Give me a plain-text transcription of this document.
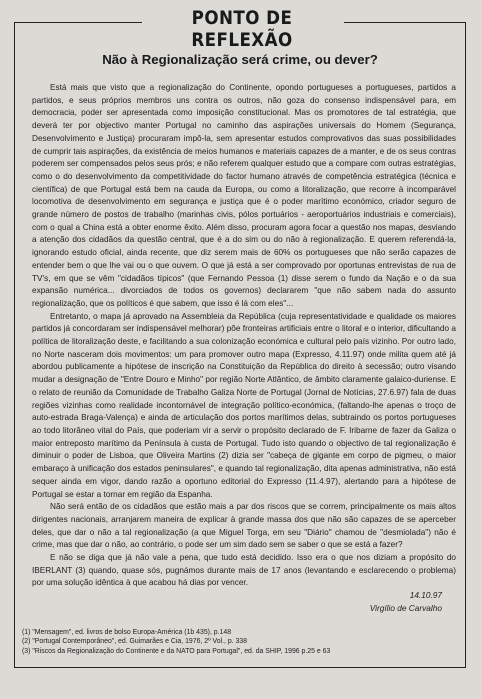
PONTO DE REFLEXÃO
Não à Regionalização será crime, ou dever?

Está mais que visto que a regionalização do Continente, opondo portugueses a portugueses, partidos a partidos, e seus próprios membros uns contra os outros, não goza do consenso indispensável para, em democracia, poder ser apresentada como imposição constitucional. Mas os promotores de tal estratégia, que deverá ter por objectivo manter Portugal no caminho das aspirações universais do Homem (Segurança, Desenvolvimento e Justiça) procuraram impô-la, sem apresentar estudos comprovativos das suas possibilidades de cumprir tais aspirações, da existência de meios humanos e materiais capazes de a manter, e de os seus contras poderem ser compensados pelos seus prós; e não referem qualquer estudo que a compare com outras estratégias, como o do desenvolvimento da competitividade do factor humano através de competência estratégica (técnica e científica) de que Portugal está bem na cauda da Europa, ou como a litoralização, que recorre à incomparável locomotiva de desenvolvimento em segurança e justiça que é o poder marítimo económico, criador seguro de grande número de postos de trabalho (marinhas civis, pólos portuários - aeroportuários industriais e comerciais), com o qual a China está a obter enorme êxito. Além disso, procuram agora focar a questão nos mapas, desviando a atenção dos cidadãos da questão central, que é a do sim ou do não à regionalização. E querem referendá-la, ignorando estudo oficial, ainda recente, que diz serem mais de 60% os portugueses que não serão capazes de entender bem o que lhe vai ou o que ouvem. O que já está a ser comprovado por oportunas entrevistas de rua de TV's, em que se vêm "cidadãos típicos" (que Fernando Pessoa (1) disse serem o fundo da Nação e o da sua expansão numérica... divorciados de todos os governos) declararem "que não sabem nada do assunto regionalização, que os políticos é que sabem, que isso é lá com eles"...

Entretanto, o mapa já aprovado na Assembleia da República (cuja representatividade e qualidade os maiores partidos já concordaram ser indispensável melhorar) põe fronteiras artificiais entre o litoral e o interior, dificultando a política de litoralização deste, e facilitando a sua colonização económica e cultural pelo país vizinho. Por outro lado, no Norte nasceram dois movimentos: um para promover outro mapa (Expresso, 4.11.97) onde milita quem até já abordou publicamente a hipótese de inscrição na Constituição da República do direito à secessão; outro visando mudar a designação de "Entre Douro e Minho" por região Norte Atlântico, de âmbito claramente galaico-duriense. E o relato de reunião da Comunidade de Trabalho Galiza Norte de Portugal (Jornal de Notícias, 27.6.97) fala de duas regiões vizinhas como realidade incontornável de integração político-económica, (faltando-lhe apenas o troço de auto-estrada Braga-Valença) e ainda de articulação dos portos marítimos delas, subtraindo os portos portugueses ao todo litorâneo vital do País, que poderiam vir a servir o propósito declarado de F. Iribarne de fazer da Galiza o maior entreposto marítimo da Península à custa de Portugal. Tudo isto quando o objectivo de tal regionalização é diminuir o poder de Lisboa, que Oliveira Martins (2) dizia ser "cabeça de gigante em corpo de pigmeu, o maior embaraço à unificação dos estados peninsulares", e quando tal regionalização, dita apenas administrativa, não está sequer ainda em vigor, dando razão a oportuno editorial do Expresso (11.4.97), alertando para a hipótese de Portugal se estar a tornar em região da Espanha.

Não será então de os cidadãos que estão mais a par dos riscos que se correm, principalmente os mais altos dirigentes nacionais, arranjarem maneira de explicar à grande massa dos que não são capazes de se aperceber deles, que dar o não a tal regionalização (a que Miguel Torga, em seu "Diário" chamou de "desmiolada") não é crime, mas que dar o não, ao contrário, o pode ser um sim dado sem se saber o que se está a fazer?

E não se diga que já não vale a pena, que tudo está decidido. Isso era o que nos diziam a propósito do IBERLANT (3) quando, quase sós, pugnámos durante mais de 17 anos (levantando e esclarecendo o problema) por uma solução idêntica à que acabou há dias por vencer.

14.10.97
Virgílio de Carvalho
(1) "Mensagem", ed. livros de bolso Europa-América (1b 435), p.148
(2) "Portugal Contemporâneo", ed. Guimarães e Cia, 1976, 2º Vol., p. 338
(3) "Riscos da Regionalização do Continente e da NATO para Portugal", ed. da SHIP, 1996 p.25 e 63
